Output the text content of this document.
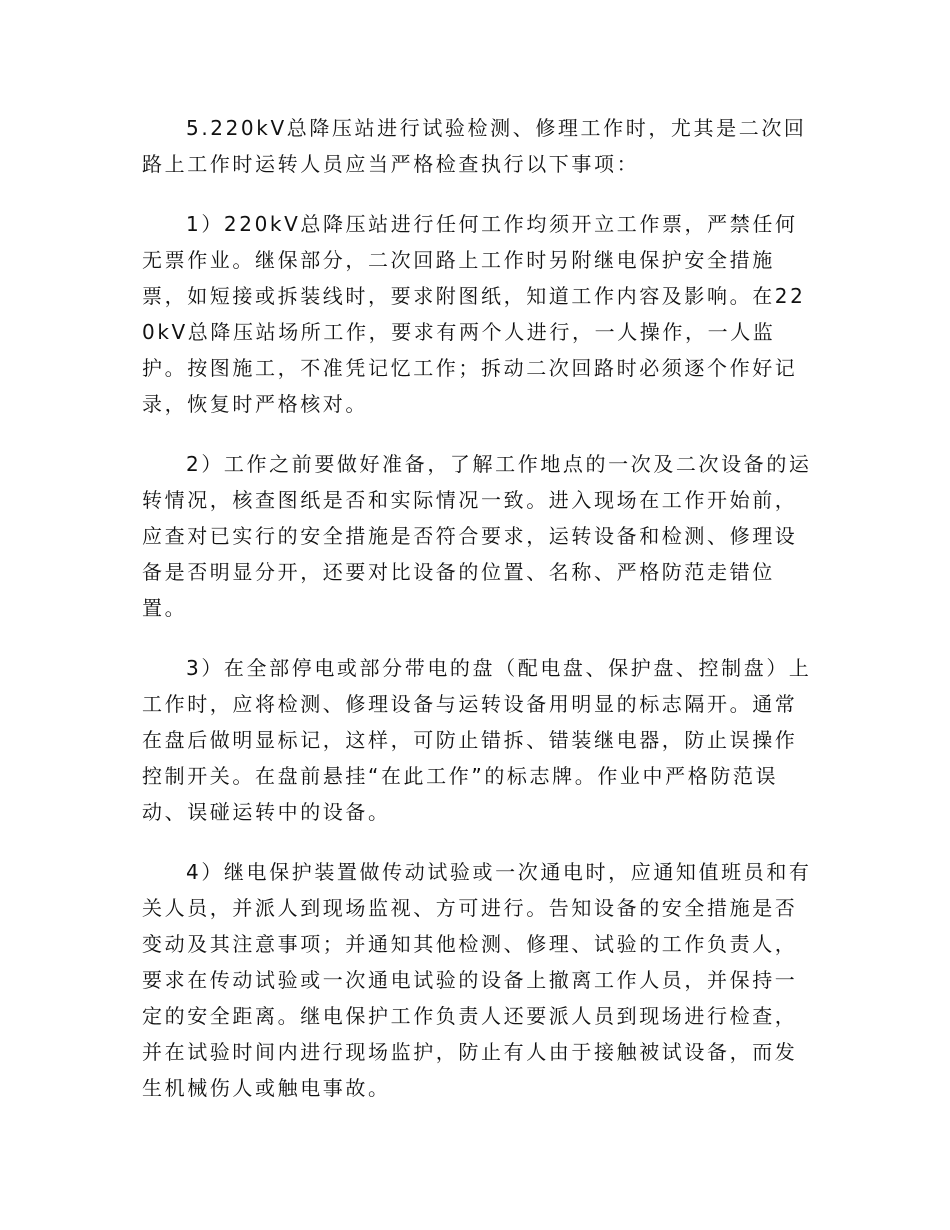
5.220kV总降压站进行试验检测、修理工作时，尤其是二次回路上工作时运转人员应当严格检查执行以下事项：

1）220kV总降压站进行任何工作均须开立工作票，严禁任何无票作业。继保部分，二次回路上工作时另附继电保护安全措施票，如短接或拆装线时，要求附图纸，知道工作内容及影响。在220kV总降压站场所工作，要求有两个人进行，一人操作，一人监护。按图施工，不准凭记忆工作；拆动二次回路时必须逐个作好记录，恢复时严格核对。

2）工作之前要做好准备，了解工作地点的一次及二次设备的运转情况，核查图纸是否和实际情况一致。进入现场在工作开始前，应查对已实行的安全措施是否符合要求，运转设备和检测、修理设备是否明显分开，还要对比设备的位置、名称、严格防范走错位置。

3）在全部停电或部分带电的盘（配电盘、保护盘、控制盘）上工作时，应将检测、修理设备与运转设备用明显的标志隔开。通常在盘后做明显标记，这样，可防止错拆、错装继电器，防止误操作控制开关。在盘前悬挂“在此工作”的标志牌。作业中严格防范误动、误碰运转中的设备。

4）继电保护装置做传动试验或一次通电时，应通知值班员和有关人员，并派人到现场监视、方可进行。告知设备的安全措施是否变动及其注意事项；并通知其他检测、修理、试验的工作负责人，要求在传动试验或一次通电试验的设备上撤离工作人员，并保持一定的安全距离。继电保护工作负责人还要派人员到现场进行检查，并在试验时间内进行现场监护，防止有人由于接触被试设备，而发生机械伤人或触电事故。
